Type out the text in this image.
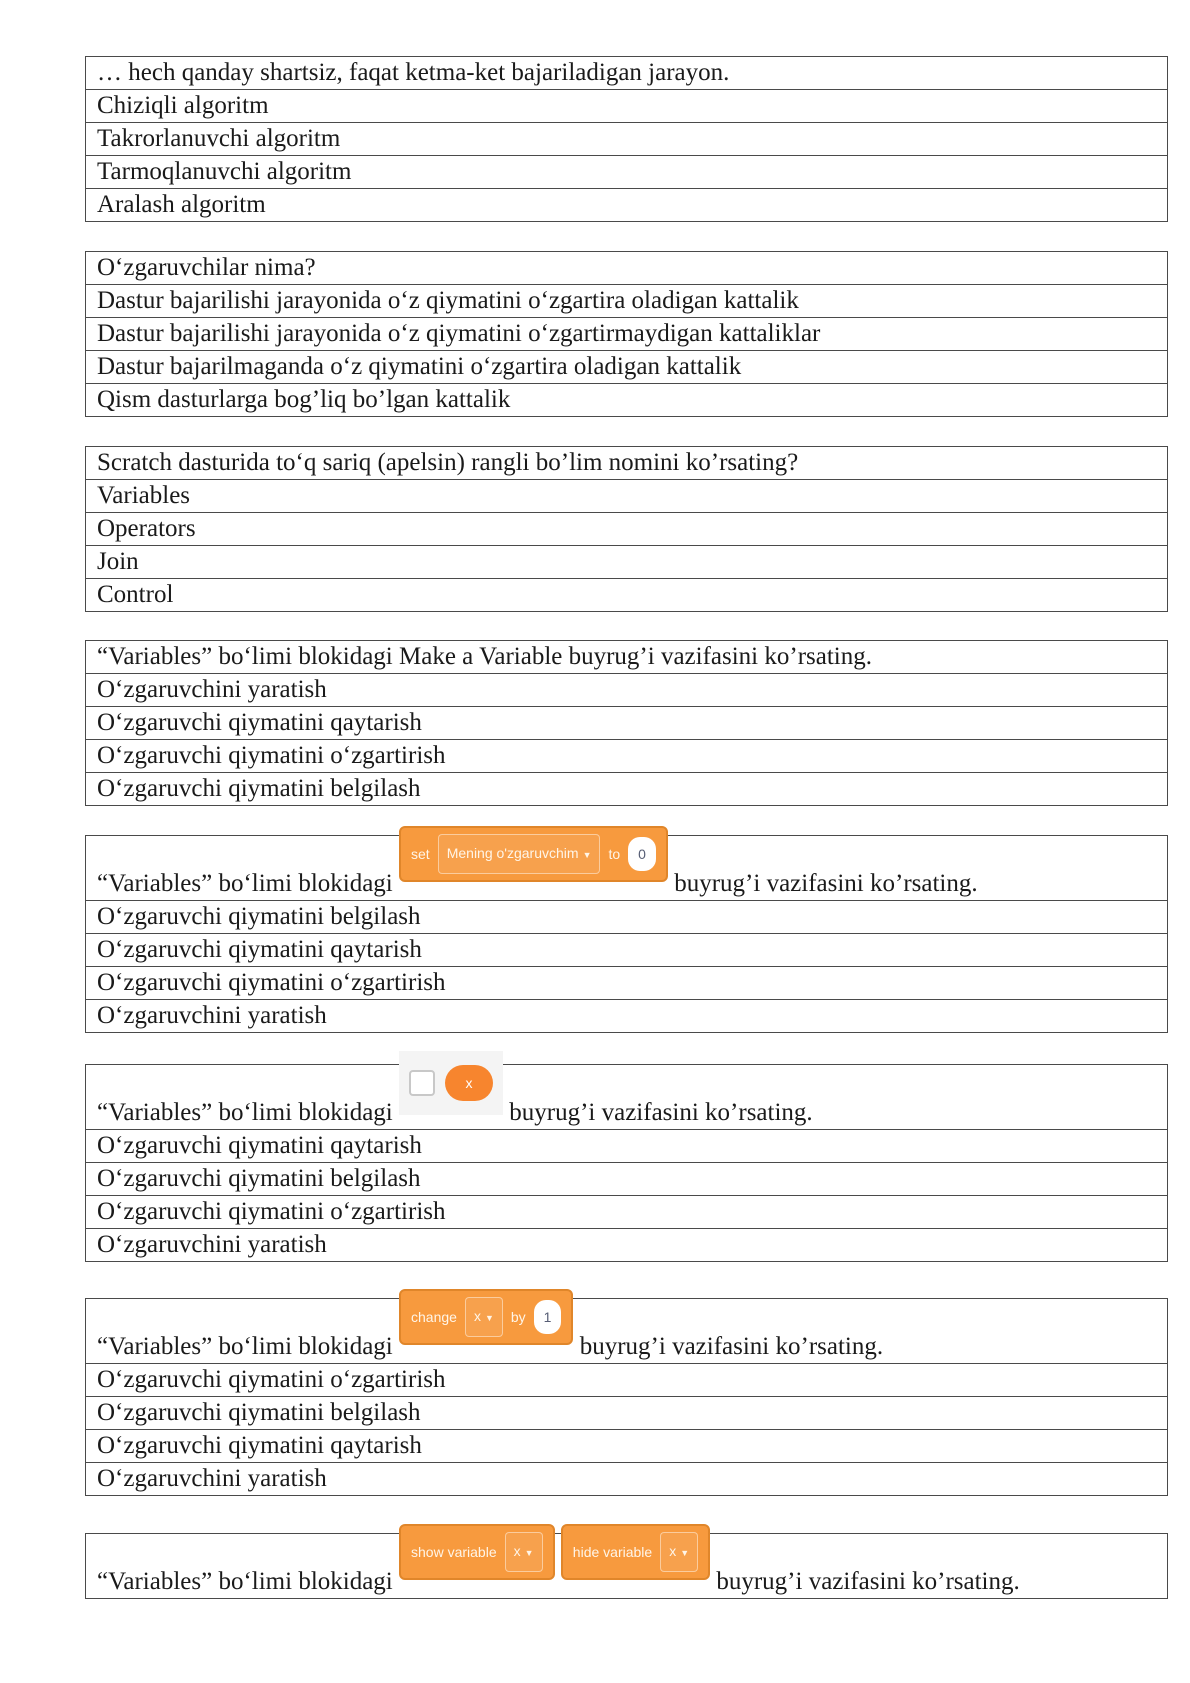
… hech qanday shartsiz, faqat ketma-ket bajariladigan jarayon.
Chiziqli algoritm
Takrorlanuvchi algoritm
Tarmoqlanuvchi algoritm
Aralash algoritm
O‘zgaruvchilar nima?
Dastur bajarilishi jarayonida o‘z qiymatini o‘zgartira oladigan kattalik
Dastur bajarilishi jarayonida o‘z qiymatini o‘zgartirmaydigan kattaliklar
Dastur bajarilmaganda o‘z qiymatini o‘zgartira oladigan kattalik
Qism dasturlarga bog’liq bo’lgan kattalik
Scratch dasturida to‘q sariq (apelsin) rangli bo’lim nomini ko’rsating?
Variables
Operators
Join
Control
“Variables” bo‘limi blokidagi Make a Variable buyrug’i vazifasini ko’rsating.
O‘zgaruvchini yaratish
O‘zgaruvchi qiymatini qaytarish
O‘zgaruvchi qiymatini o‘zgartirish
O‘zgaruvchi qiymatini belgilash
“Variables” bo‘limi blokidagi
set	Mening o'zgaruvchim ▼	to	0
buyrug’i vazifasini ko’rsating.
O‘zgaruvchi qiymatini belgilash
O‘zgaruvchi qiymatini qaytarish
O‘zgaruvchi qiymatini o‘zgartirish
O‘zgaruvchini yaratish
“Variables” bo‘limi blokidagi
x
buyrug’i vazifasini ko’rsating.
O‘zgaruvchi qiymatini qaytarish
O‘zgaruvchi qiymatini belgilash
O‘zgaruvchi qiymatini o‘zgartirish
O‘zgaruvchini yaratish
“Variables” bo‘limi blokidagi
change	x ▼	by	1
buyrug’i vazifasini ko’rsating.
O‘zgaruvchi qiymatini o‘zgartirish
O‘zgaruvchi qiymatini belgilash
O‘zgaruvchi qiymatini qaytarish
O‘zgaruvchini yaratish
“Variables” bo‘limi blokidagi
show variable	x ▼
	hide variable	x ▼
buyrug’i vazifasini ko’rsating.
